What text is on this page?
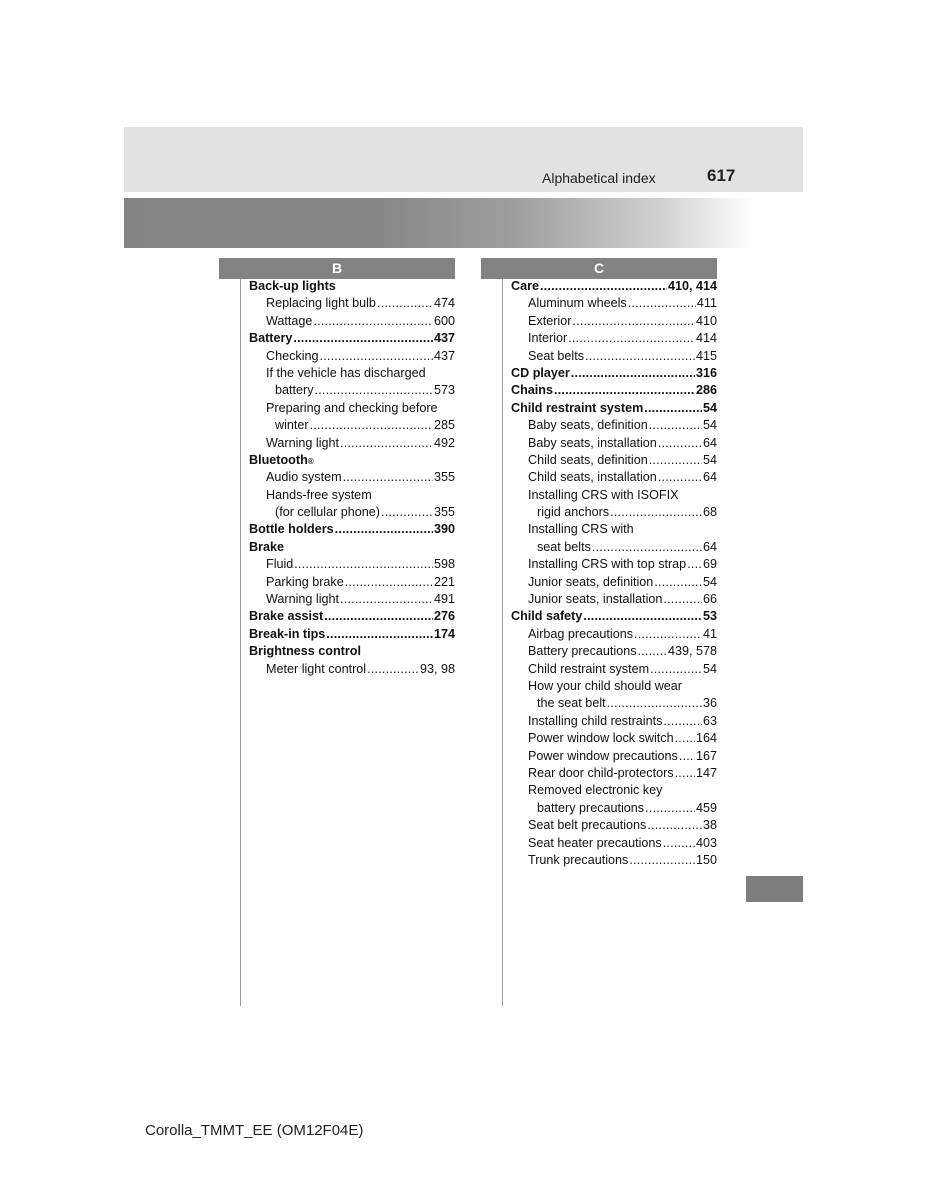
Alphabetical index	617
B	C
Back-up lights
Replacing light bulb .....	474
Wattage .....	600
Battery .....	437
Checking .....	437
If the vehicle has discharged
battery .....	573
Preparing and checking before
winter .....	285
Warning light .....	492
Bluetooth ®
Audio system .....	355
Hands-free system
(for cellular phone) .....	355
Bottle holders .....	390
Brake
Fluid .....	598
Parking brake .....	221
Warning light .....	491
Brake assist .....	276
Break-in tips .....	174
Brightness control
Meter light control .....	93, 98
Care .....	410, 414
Aluminum wheels .....	411
Exterior .....	410
Interior .....	414
Seat belts .....	415
CD player .....	316
Chains .....	286
Child restraint system .....	54
Baby seats, definition .....	54
Baby seats, installation .....	64
Child seats, definition .....	54
Child seats, installation .....	64
Installing CRS with ISOFIX
rigid anchors .....	68
Installing CRS with
seat belts .....	64
Installing CRS with top strap ..... 69
Junior seats, definition .....	54
Junior seats, installation .....	66
Child safety .....	53
Airbag precautions .....	41
Battery precautions ..... 439, 578
Child restraint system .....	54
How your child should wear
the seat belt .....	36
Installing child restraints .....	63
Power window lock switch ..... 164
Power window precautions ..... 167
Rear door child-protectors ..... 147
Removed electronic key
battery precautions .....	459
Seat belt precautions .....	38
Seat heater precautions .....	403
Trunk precautions .....	150
Corolla_TMMT_EE (OM12F04E)
